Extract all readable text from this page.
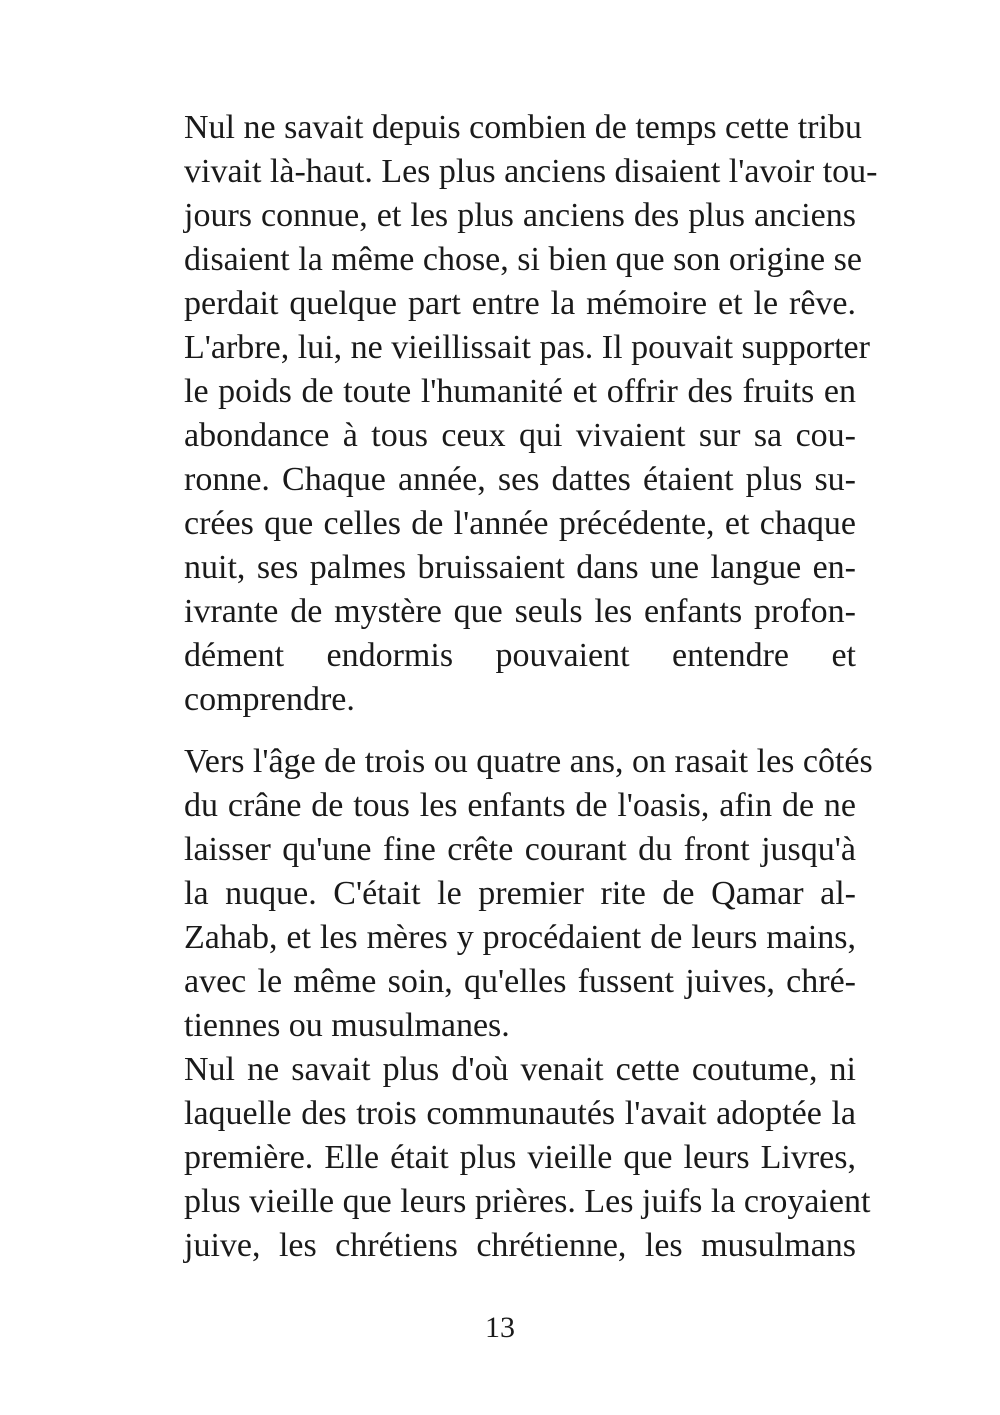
Nul ne savait depuis combien de temps cette tribu
vivait là-haut. Les plus anciens disaient l'avoir tou-
jours connue, et les plus anciens des plus anciens
disaient la même chose, si bien que son origine se
perdait quelque part entre la mémoire et le rêve.
L'arbre, lui, ne vieillissait pas. Il pouvait supporter
le poids de toute l'humanité et offrir des fruits en
abondance à tous ceux qui vivaient sur sa cou-
ronne. Chaque année, ses dattes étaient plus su-
crées que celles de l'année précédente, et chaque
nuit, ses palmes bruissaient dans une langue en-
ivrante de mystère que seuls les enfants profon-
dément endormis pouvaient entendre et
comprendre.
Vers l'âge de trois ou quatre ans, on rasait les côtés
du crâne de tous les enfants de l'oasis, afin de ne
laisser qu'une fine crête courant du front jusqu'à
la nuque. C'était le premier rite de Qamar al-
Zahab, et les mères y procédaient de leurs mains,
avec le même soin, qu'elles fussent juives, chré-
tiennes ou musulmanes.
Nul ne savait plus d'où venait cette coutume, ni
laquelle des trois communautés l'avait adoptée la
première. Elle était plus vieille que leurs Livres,
plus vieille que leurs prières. Les juifs la croyaient
juive, les chrétiens chrétienne, les musulmans
13
